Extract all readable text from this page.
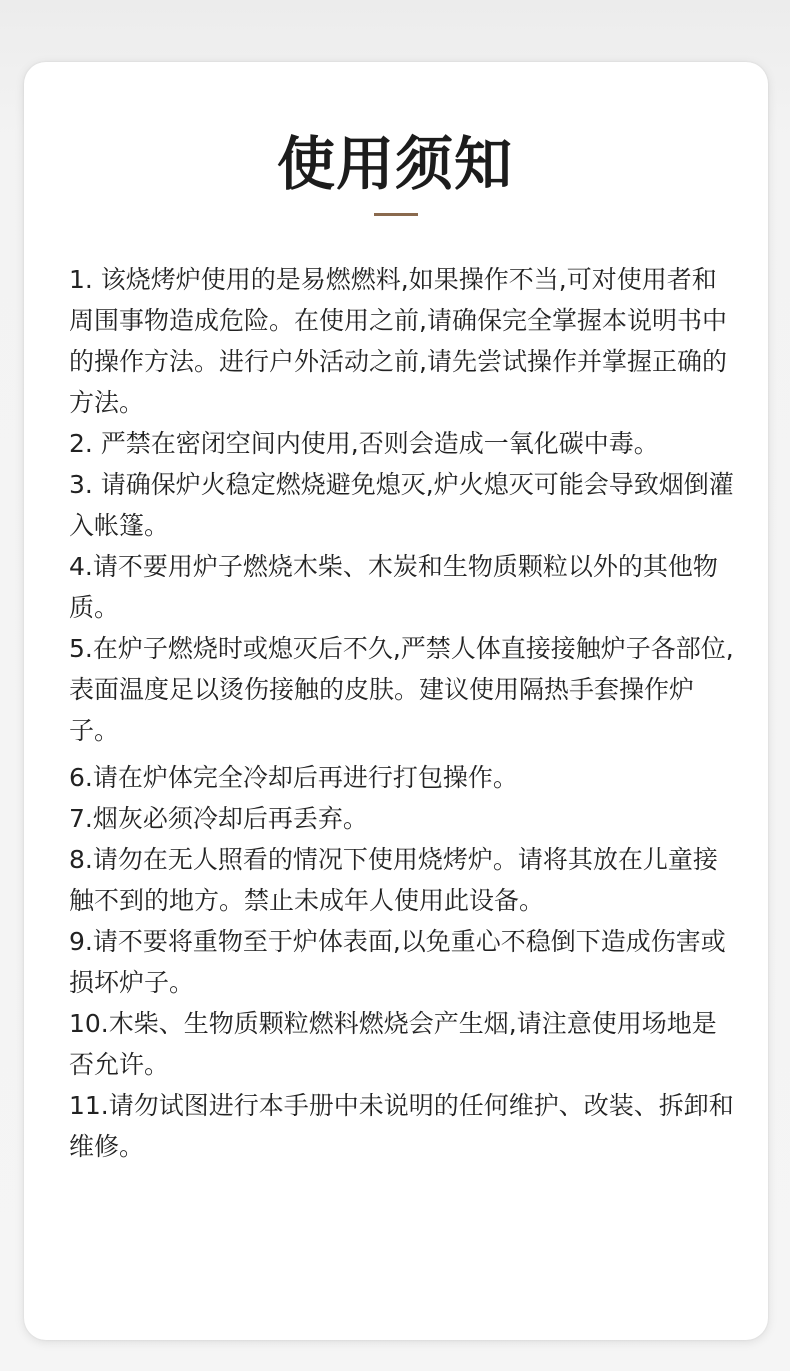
使用须知
1. 该烧烤炉使用的是易燃燃料,如果操作不当,可对使用者和周围事物造成危险。在使用之前,请确保完全掌握本说明书中的操作方法。进行户外活动之前,请先尝试操作并掌握正确的方法。
2. 严禁在密闭空间内使用,否则会造成一氧化碳中毒。
3. 请确保炉火稳定燃烧避免熄灭,炉火熄灭可能会导致烟倒灌入帐篷。
4.请不要用炉子燃烧木柴、木炭和生物质颗粒以外的其他物质。
5.在炉子燃烧时或熄灭后不久,严禁人体直接接触炉子各部位,表面温度足以烫伤接触的皮肤。建议使用隔热手套操作炉子。
6.请在炉体完全冷却后再进行打包操作。
7.烟灰必须冷却后再丢弃。
8.请勿在无人照看的情况下使用烧烤炉。请将其放在儿童接触不到的地方。禁止未成年人使用此设备。
9.请不要将重物至于炉体表面,以免重心不稳倒下造成伤害或损坏炉子。
10.木柴、生物质颗粒燃料燃烧会产生烟,请注意使用场地是否允许。
11.请勿试图进行本手册中未说明的任何维护、改装、拆卸和维修。
